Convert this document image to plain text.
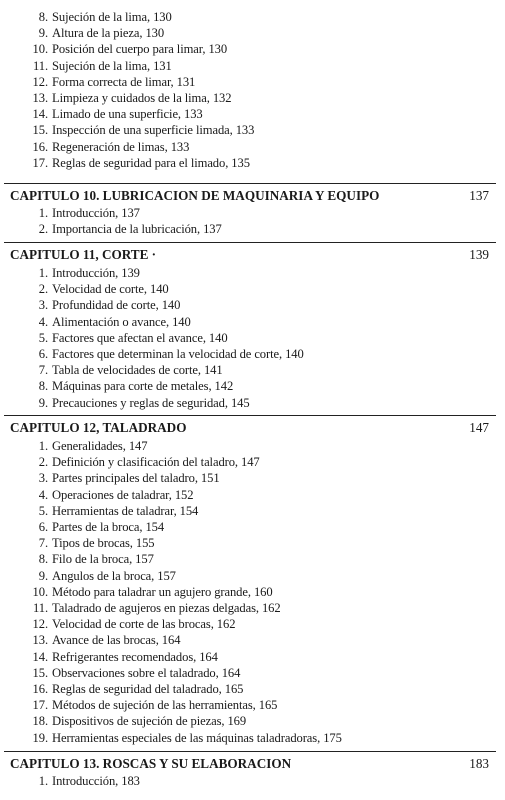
8. Sujeción de la lima, 130
9. Altura de la pieza, 130
10. Posición del cuerpo para limar, 130
11. Sujeción de la lima, 131
12. Forma correcta de limar, 131
13. Limpieza y cuidados de la lima, 132
14. Limado de una superficie, 133
15. Inspección de una superficie limada, 133
16. Regeneración de limas, 133
17. Reglas de seguridad para el limado, 135
CAPITULO 10. LUBRICACION DE MAQUINARIA Y EQUIPO	137
1. Introducción, 137
2. Importancia de la lubricación, 137
CAPITULO 11, CORTE ·	139
1. Introducción, 139
2. Velocidad de corte, 140
3. Profundidad de corte, 140
4. Alimentación o avance, 140
5. Factores que afectan el avance, 140
6. Factores que determinan la velocidad de corte, 140
7. Tabla de velocidades de corte, 141
8. Máquinas para corte de metales, 142
9. Precauciones y reglas de seguridad, 145
CAPITULO 12, TALADRADO	147
1. Generalidades, 147
2. Definición y clasificación del taladro, 147
3. Partes principales del taladro, 151
4. Operaciones de taladrar, 152
5. Herramientas de taladrar, 154
6. Partes de la broca, 154
7. Tipos de brocas, 155
8. Filo de la broca, 157
9. Angulos de la broca, 157
10. Método para taladrar un agujero grande, 160
11. Taladrado de agujeros en piezas delgadas, 162
12. Velocidad de corte de las brocas, 162
13. Avance de las brocas, 164
14. Refrigerantes recomendados, 164
15. Observaciones sobre el taladrado, 164
16. Reglas de seguridad del taladrado, 165
17. Métodos de sujeción de las herramientas, 165
18. Dispositivos de sujeción de piezas, 169
19. Herramientas especiales de las máquinas taladradoras, 175
CAPITULO 13. ROSCAS Y SU ELABORACION	183
1. Introducción, 183
